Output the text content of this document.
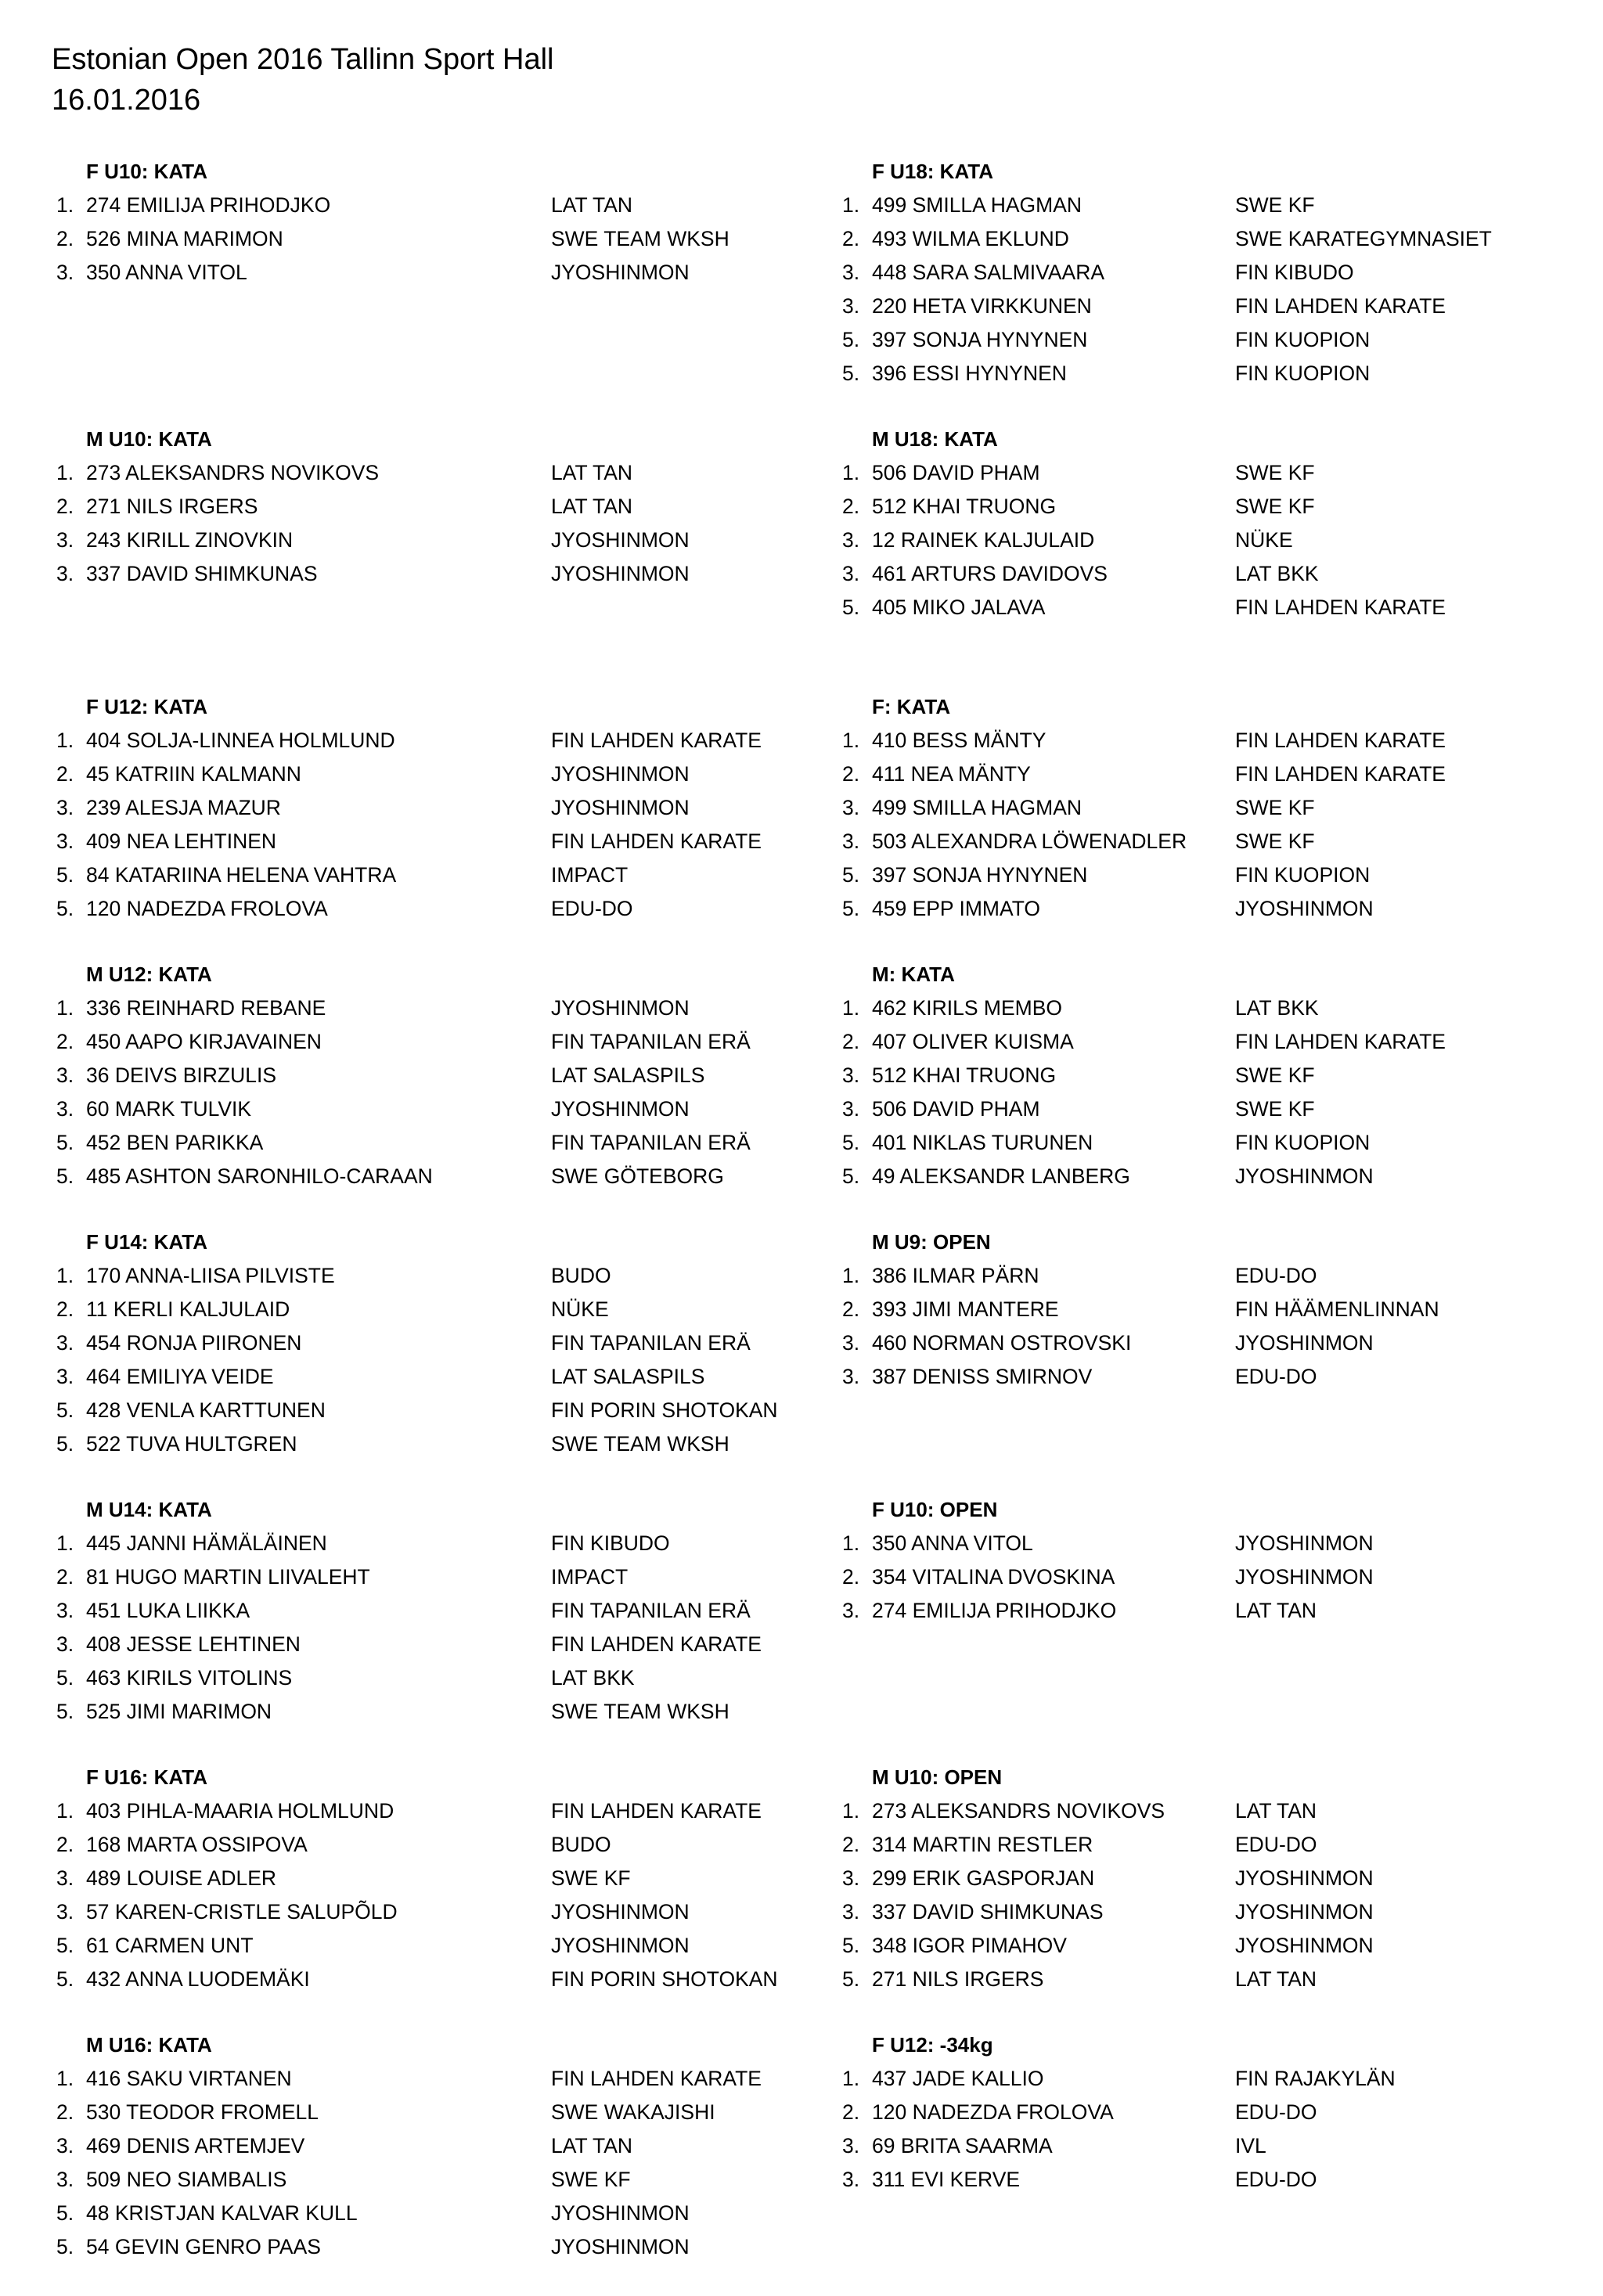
Estonian Open 2016 Tallinn Sport Hall
16.01.2016
F U10: KATA
1. 274 EMILIJA PRIHODJKO	LAT TAN
2. 526 MINA MARIMON	SWE TEAM WKSH
3. 350 ANNA VITOL	JYOSHINMON
M U10: KATA
1. 273 ALEKSANDRS NOVIKOVS	LAT TAN
2. 271 NILS IRGERS	LAT TAN
3. 243 KIRILL ZINOVKIN	JYOSHINMON
3. 337 DAVID SHIMKUNAS	JYOSHINMON
F U12: KATA
1. 404 SOLJA-LINNEA HOLMLUND	FIN LAHDEN KARATE
2. 45 KATRIIN KALMANN	JYOSHINMON
3. 239 ALESJA MAZUR	JYOSHINMON
3. 409 NEA LEHTINEN	FIN LAHDEN KARATE
5. 84 KATARIINA HELENA VAHTRA	IMPACT
5. 120 NADEZDA FROLOVA	EDU-DO
M U12: KATA
1. 336 REINHARD REBANE	JYOSHINMON
2. 450 AAPO KIRJAVAINEN	FIN TAPANILAN ERÄ
3. 36 DEIVS BIRZULIS	LAT SALASPILS
3. 60 MARK TULVIK	JYOSHINMON
5. 452 BEN PARIKKA	FIN TAPANILAN ERÄ
5. 485 ASHTON SARONHILO-CARAAN	SWE GÖTEBORG
F U14: KATA
1. 170 ANNA-LIISA PILVISTE	BUDO
2. 11 KERLI KALJULAID	NÜKE
3. 454 RONJA PIIRONEN	FIN TAPANILAN ERÄ
3. 464 EMILIYA VEIDE	LAT SALASPILS
5. 428 VENLA KARTTUNEN	FIN PORIN SHOTOKAN
5. 522 TUVA HULTGREN	SWE TEAM WKSH
M U14: KATA
1. 445 JANNI HÄMÄLÄINEN	FIN KIBUDO
2. 81 HUGO MARTIN LIIVALEHT	IMPACT
3. 451 LUKA LIIKKA	FIN TAPANILAN ERÄ
3. 408 JESSE LEHTINEN	FIN LAHDEN KARATE
5. 463 KIRILS VITOLINS	LAT BKK
5. 525 JIMI MARIMON	SWE TEAM WKSH
F U16: KATA
1. 403 PIHLA-MAARIA HOLMLUND	FIN LAHDEN KARATE
2. 168 MARTA OSSIPOVA	BUDO
3. 489 LOUISE ADLER	SWE KF
3. 57 KAREN-CRISTLE SALUPÕLD	JYOSHINMON
5. 61 CARMEN UNT	JYOSHINMON
5. 432 ANNA LUODEMÄKI	FIN PORIN SHOTOKAN
M U16: KATA
1. 416 SAKU VIRTANEN	FIN LAHDEN KARATE
2. 530 TEODOR FROMELL	SWE WAKAJISHI
3. 469 DENIS ARTEMJEV	LAT TAN
3. 509 NEO SIAMBALIS	SWE KF
5. 48 KRISTJAN KALVAR KULL	JYOSHINMON
5. 54 GEVIN GENRO PAAS	JYOSHINMON
F U18: KATA
1. 499 SMILLA HAGMAN	SWE KF
2. 493 WILMA EKLUND	SWE KARATEGYMNASIET
3. 448 SARA SALMIVAARA	FIN KIBUDO
3. 220 HETA VIRKKUNEN	FIN LAHDEN KARATE
5. 397 SONJA HYNYNEN	FIN KUOPION
5. 396 ESSI HYNYNEN	FIN KUOPION
M U18: KATA
1. 506 DAVID PHAM	SWE KF
2. 512 KHAI TRUONG	SWE KF
3. 12 RAINEK KALJULAID	NÜKE
3. 461 ARTURS DAVIDOVS	LAT BKK
5. 405 MIKO JALAVA	FIN LAHDEN KARATE
F: KATA
1. 410 BESS MÄNTY	FIN LAHDEN KARATE
2. 411 NEA MÄNTY	FIN LAHDEN KARATE
3. 499 SMILLA HAGMAN	SWE KF
3. 503 ALEXANDRA LÖWENADLER SWE KF
5. 397 SONJA HYNYNEN	FIN KUOPION
5. 459 EPP IMMATO	JYOSHINMON
M: KATA
1. 462 KIRILS MEMBO	LAT BKK
2. 407 OLIVER KUISMA	FIN LAHDEN KARATE
3. 512 KHAI TRUONG	SWE KF
3. 506 DAVID PHAM	SWE KF
5. 401 NIKLAS TURUNEN	FIN KUOPION
5. 49 ALEKSANDR LANBERG	JYOSHINMON
M U9: OPEN
1. 386 ILMAR PÄRN	EDU-DO
2. 393 JIMI MANTERE	FIN HÄÄMENLINNAN
3. 460 NORMAN OSTROVSKI	JYOSHINMON
3. 387 DENISS SMIRNOV	EDU-DO
F U10: OPEN
1. 350 ANNA VITOL	JYOSHINMON
2. 354 VITALINA DVOSKINA	JYOSHINMON
3. 274 EMILIJA PRIHODJKO	LAT TAN
M U10: OPEN
1. 273 ALEKSANDRS NOVIKOVS	LAT TAN
2. 314 MARTIN RESTLER	EDU-DO
3. 299 ERIK GASPORJAN	JYOSHINMON
3. 337 DAVID SHIMKUNAS	JYOSHINMON
5. 348 IGOR PIMAHOV	JYOSHINMON
5. 271 NILS IRGERS	LAT TAN
F U12: -34kg
1. 437 JADE KALLIO	FIN RAJAKYLÄN
2. 120 NADEZDA FROLOVA	EDU-DO
3. 69 BRITA SAARMA	IVL
3. 311 EVI KERVE	EDU-DO
